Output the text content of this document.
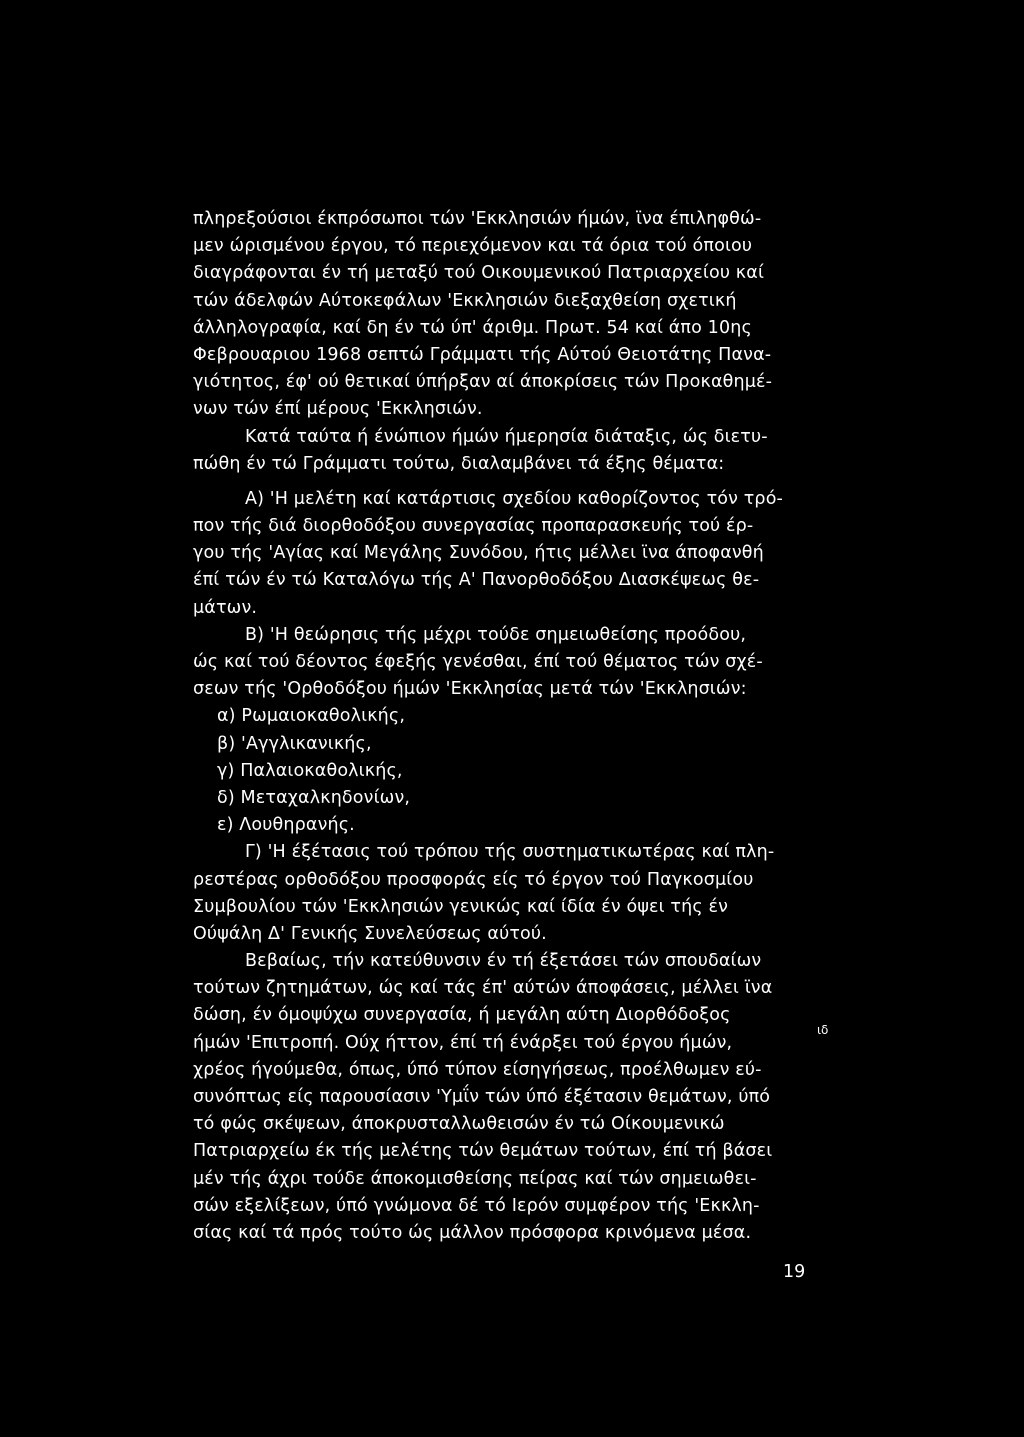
πληρεξούσιοι έκπρόσωποι τών 'Εκκλησιών ήμών, ϊνα έπιληφθώ-
μεν ώρισμένου έργου, τό περιεχόμενον και τά όρια τού όποιου
διαγράφονται έν τή μεταξύ τού Οικουμενικού Πατριαρχείου καί
τών άδελφών Αύτοκεφάλων 'Εκκλησιών διεξαχθείση σχετική
άλληλογραφία, καί δη έν τώ ύπ' άριθμ. Πρωτ. 54 καί άπο 10ης
Φεβρουαριου 1968 σεπτώ Γράμματι τής Αύτού Θειοτάτης Πανα-
γιότητος, έφ' ού θετικαί ύπήρξαν αί άποκρίσεις τών Προκαθημέ-
νων τών έπί μέρους 'Εκκλησιών.
Κατά ταύτα ή ένώπιον ήμών ήμερησία διάταξις, ώς διετυ-
πώθη έν τώ Γράμματι τούτω, διαλαμβάνει τά έξης θέματα:
Α) 'Η μελέτη καί κατάρτισις σχεδίου καθορίζοντος τόν τρό-
πον τής διά διορθοδόξου συνεργασίας προπαρασκευής τού έρ-
γου τής 'Αγίας καί Μεγάλης Συνόδου, ήτις μέλλει ϊνα άποφανθή
έπί τών έν τώ Καταλόγω τής Α' Πανορθοδόξου Διασκέψεως θε-
μάτων.
Β) 'Η θεώρησις τής μέχρι τούδε σημειωθείσης προόδου,
ώς καί τού δέοντος έφεξής γενέσθαι, έπί τού θέματος τών σχέ-
σεων τής 'Ορθοδόξου ήμών 'Εκκλησίας μετά τών 'Εκκλησιών:
α) Ρωμαιοκαθολικής,
β) 'Αγγλικανικής,
γ) Παλαιοκαθολικής,
δ) Μεταχαλκηδονίων,
ε) Λουθηρανής.
Γ) 'Η έξέτασις τού τρόπου τής συστηματικωτέρας καί πλη-
ρεστέρας ορθοδόξου προσφοράς είς τό έργον τού Παγκοσμίου
Συμβουλίου τών 'Εκκλησιών γενικώς καί ίδία έν όψει τής έν
Ούψάλη Δ' Γενικής Συνελεύσεως αύτού.
Βεβαίως, τήν κατεύθυνσιν έν τή έξετάσει τών σπουδαίων
τούτων ζητημάτων, ώς καί τάς έπ' αύτών άποφάσεις, μέλλει ϊνα
δώση, έν όμοψύχω συνεργασία, ή μεγάλη αύτη Διορθόδοξος
ήμών 'Επιτροπή. Ούχ ήττον, έπί τή ένάρξει τού έργου ήμών,
χρέος ήγούμεθα, όπως, ύπό τύπον είσηγήσεως, προέλθωμεν εύ-
συνόπτως είς παρουσίασιν 'Υμΐν τών ύπό έξέτασιν θεμάτων, ύπό
τό φώς σκέψεων, άποκρυσταλλωθεισών έν τώ Οίκουμενικώ
Πατριαρχείω έκ τής μελέτης τών θεμάτων τούτων, έπί τή βάσει
μέν τής άχρι τούδε άποκομισθείσης πείρας καί τών σημειωθει-
σών εξελίξεων, ύπό γνώμονα δέ τό Ιερόν συμφέρον τής 'Εκκλη-
σίας καί τά πρός τούτο ώς μάλλον πρόσφορα κρινόμενα μέσα.
ιδ
19
